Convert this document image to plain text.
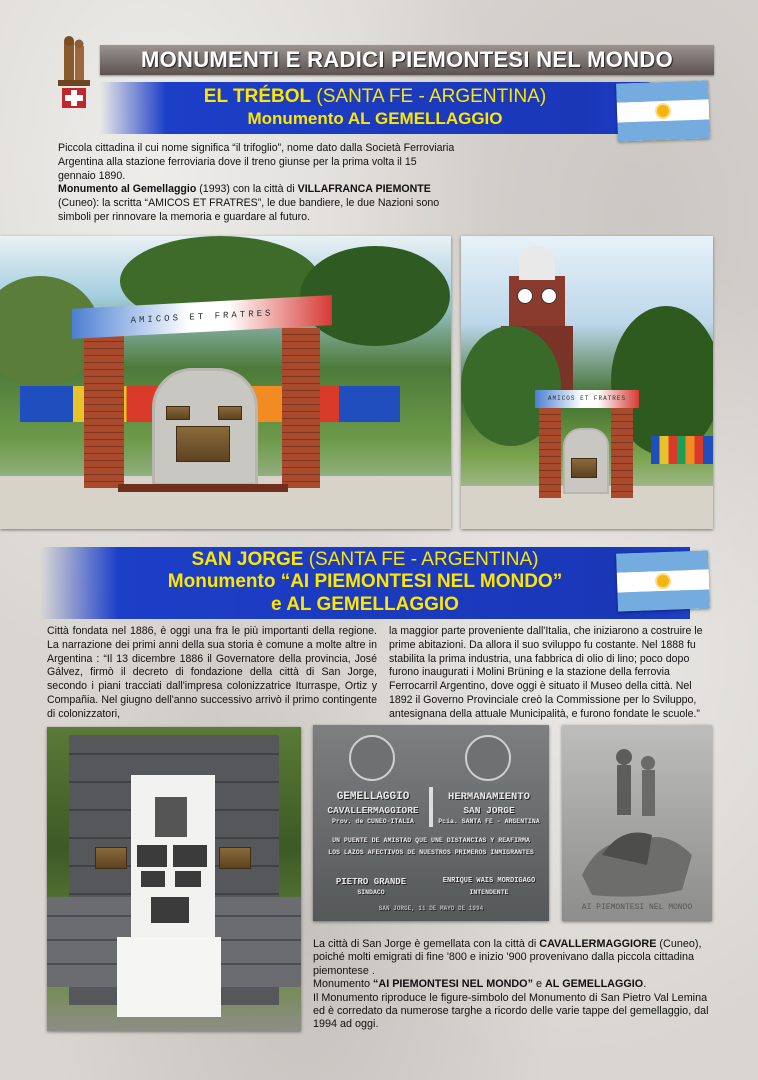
MONUMENTI E RADICI PIEMONTESI NEL MONDO
EL TRÉBOL (SANTA FE - ARGENTINA)
Monumento AL GEMELLAGGIO
Piccola cittadina il cui nome significa “il trifoglio”, nome dato dalla Società Ferroviaria Argentina alla stazione ferroviaria dove il treno giunse per la prima volta il 15 gennaio 1890.
Monumento al Gemellaggio (1993) con la città di VILLAFRANCA PIEMONTE (Cuneo): la scritta “AMICOS ET FRATRES”, le due bandiere, le due Nazioni sono simboli per rinnovare la memoria e guardare al futuro.
AMICOS ET FRATRES
AMICOS ET FRATRES
SAN JORGE (SANTA FE - ARGENTINA)
Monumento “AI PIEMONTESI NEL MONDO”
e AL GEMELLAGGIO
Città fondata nel 1886, è oggi una fra le più importanti della regione. La narrazione dei primi anni della sua storia è comune a molte altre in Argentina : “Il 13 dicembre 1886 il Governatore della provincia, José Gálvez, firmò il decreto di fondazione della città di San Jorge, secondo i piani tracciati dall'impresa colonizzatrice Iturraspe, Ortiz y Compañia. Nel giugno dell'anno successivo arrivò il primo contingente di colonizzatori,
la maggior parte proveniente dall'Italia, che iniziarono a costruire le prime abitazioni. Da allora il suo sviluppo fu costante. Nel 1888 fu stabilita la prima industria, una fabbrica di olio di lino; poco dopo furono inaugurati i Molini Brüning e la stazione della ferrovia Ferrocarril Argentino, dove oggi è situato il Museo della città. Nel 1892 il Governo Provinciale creò la Commissione per lo Sviluppo, antesignana della attuale Municipalità, e furono fondate le scuole.”
GEMELLAGGIO
CAVALLERMAGGIORE
Prov. de CUNEO-ITALIA
HERMANAMIENTO
SAN JORGE
Pcia. SANTA FE - ARGENTINA
UN PUENTE DE AMISTAD QUE UNE DISTANCIAS Y REAFIRMA
LOS LAZOS AFECTIVOS DE NUESTROS PRIMEROS INMIGRANTES
PIETRO GRANDE
SINDACO
ENRIQUE WAIS MORDIGAGO
INTENDENTE
SAN JORGE, 11 DE MAYO DE 1994	AI PIEMONTESI NEL MONDO
La città di San Jorge è gemellata con la città di CAVALLERMAGGIORE (Cuneo), poiché molti emigrati di fine '800 e inizio '900 provenivano dalla piccola cittadina piemontese .
Monumento “AI PIEMONTESI NEL MONDO” e AL GEMELLAGGIO.
Il Monumento riproduce le figure-simbolo del Monumento di San Pietro Val Lemina ed è corredato da numerose targhe a ricordo delle varie tappe del gemellaggio, dal 1994 ad oggi.
